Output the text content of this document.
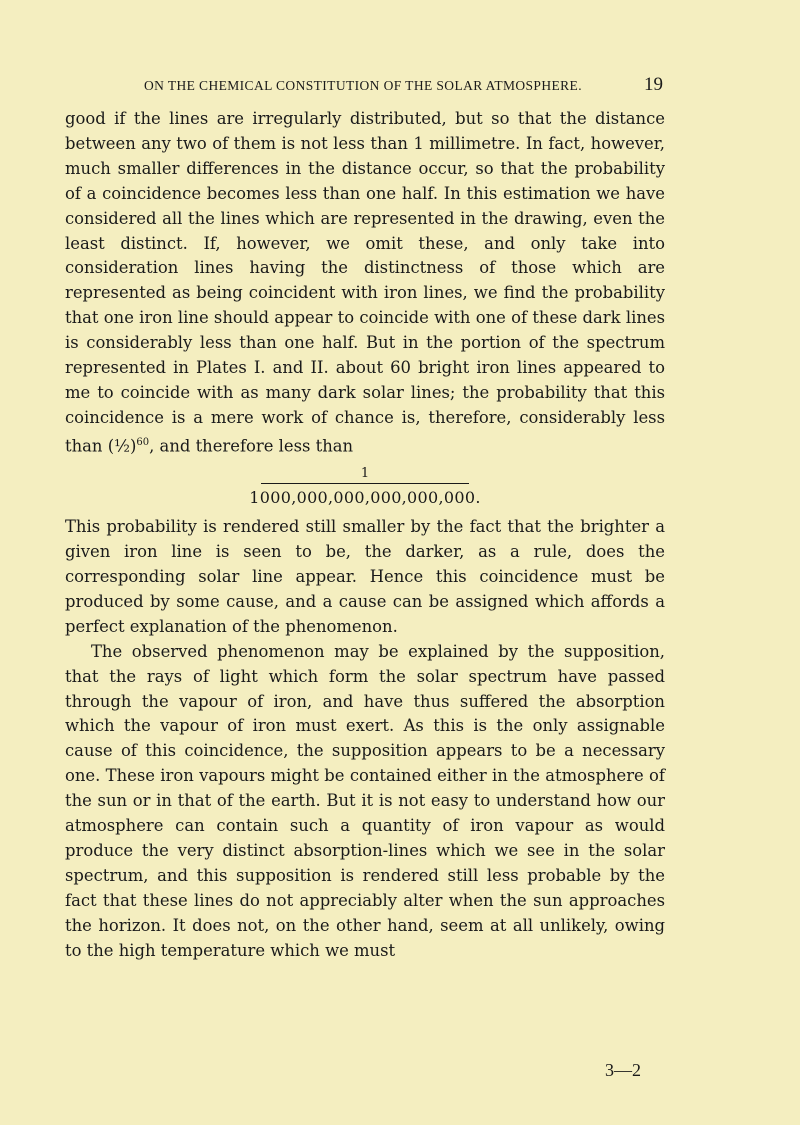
ON THE CHEMICAL CONSTITUTION OF THE SOLAR ATMOSPHERE.	19

good if the lines are irregularly distributed, but so that the distance between any two of them is not less than 1 millimetre. In fact, however, much smaller differences in the distance occur, so that the probability of a coincidence becomes less than one half. In this estimation we have considered all the lines which are represented in the drawing, even the least distinct. If, however, we omit these, and only take into consideration lines having the distinctness of those which are represented as being coincident with iron lines, we find the probability that one iron line should appear to coincide with one of these dark lines is considerably less than one half. But in the portion of the spectrum represented in Plates I. and II. about 60 bright iron lines appeared to me to coincide with as many dark solar lines; the probability that this coincidence is a mere work of chance is, therefore, considerably less than (½)$^{60}$, and therefore less than

1
1000,000,000,000,000,000.

This probability is rendered still smaller by the fact that the brighter a given iron line is seen to be, the darker, as a rule, does the corresponding solar line appear. Hence this coincidence must be produced by some cause, and a cause can be assigned which affords a perfect explanation of the phenomenon.

The observed phenomenon may be explained by the supposition, that the rays of light which form the solar spectrum have passed through the vapour of iron, and have thus suffered the absorption which the vapour of iron must exert. As this is the only assignable cause of this coincidence, the supposition appears to be a necessary one. These iron vapours might be contained either in the atmosphere of the sun or in that of the earth. But it is not easy to understand how our atmosphere can contain such a quantity of iron vapour as would produce the very distinct absorption-lines which we see in the solar spectrum, and this supposition is rendered still less probable by the fact that these lines do not appreciably alter when the sun approaches the horizon. It does not, on the other hand, seem at all unlikely, owing to the high temperature which we must

3—2
